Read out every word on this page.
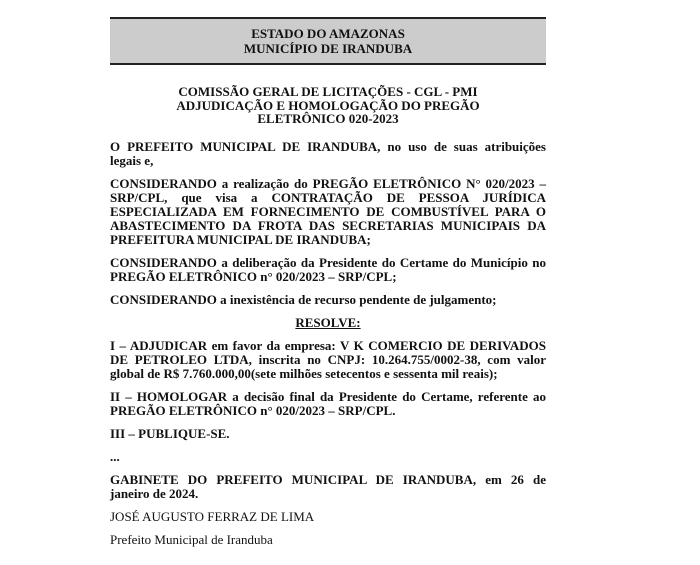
ESTADO DO AMAZONAS
MUNICÍPIO DE IRANDUBA
COMISSÃO GERAL DE LICITAÇÕES - CGL - PMI
ADJUDICAÇÃO E HOMOLOGAÇÃO DO PREGÃO
ELETRÔNICO 020-2023
O PREFEITO MUNICIPAL DE IRANDUBA, no uso de suas atribuições
legais e,
CONSIDERANDO a realização do PREGÃO ELETRÔNICO N° 020/2023 –
SRP/CPL, que visa a CONTRATAÇÃO DE PESSOA JURÍDICA
ESPECIALIZADA EM FORNECIMENTO DE COMBUSTÍVEL PARA O
ABASTECIMENTO DA FROTA DAS SECRETARIAS MUNICIPAIS DA
PREFEITURA MUNICIPAL DE IRANDUBA;
CONSIDERANDO a deliberação da Presidente do Certame do Município no
PREGÃO ELETRÔNICO n° 020/2023 – SRP/CPL;
CONSIDERANDO a inexistência de recurso pendente de julgamento;
RESOLVE:
I – ADJUDICAR em favor da empresa: V K COMERCIO DE DERIVADOS
DE PETROLEO LTDA, inscrita no CNPJ: 10.264.755/0002-38, com valor
global de R$ 7.760.000,00(sete milhões setecentos e sessenta mil reais);
II – HOMOLOGAR a decisão final da Presidente do Certame, referente ao
PREGÃO ELETRÔNICO n° 020/2023 – SRP/CPL.
III – PUBLIQUE-SE.
...
GABINETE DO PREFEITO MUNICIPAL DE IRANDUBA, em 26 de
janeiro de 2024.
JOSÉ AUGUSTO FERRAZ DE LIMA
Prefeito Municipal de Iranduba
